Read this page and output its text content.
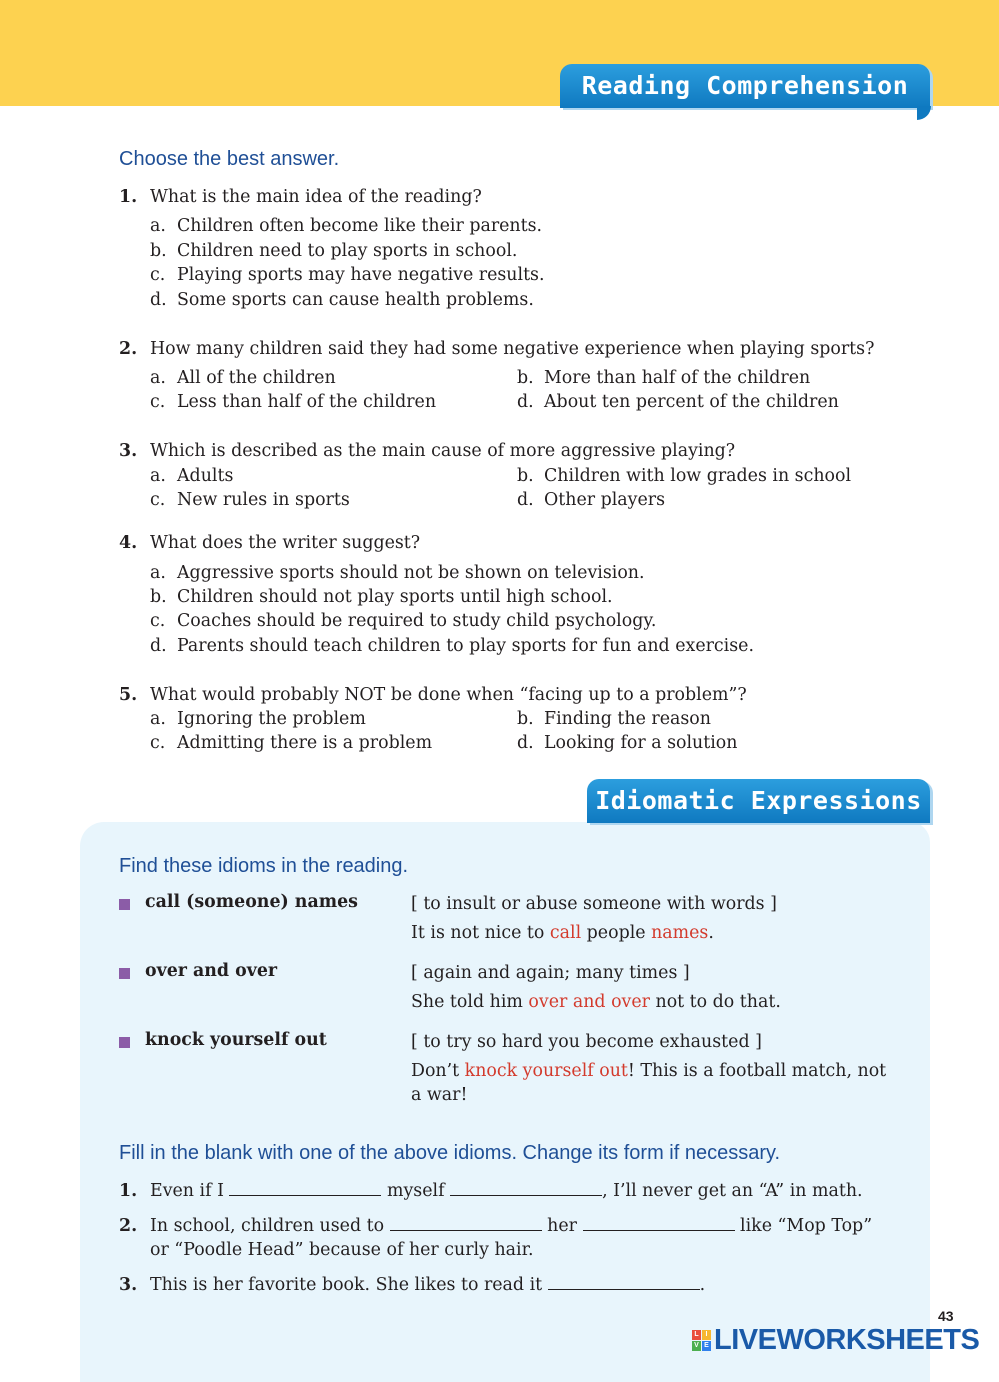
Reading Comprehension
Choose the best answer.
1. What is the main idea of the reading?
a. Children often become like their parents.
b. Children need to play sports in school.
c. Playing sports may have negative results.
d. Some sports can cause health problems.
2. How many children said they had some negative experience when playing sports?
a. All of the children	b. More than half of the children
c. Less than half of the children	d. About ten percent of the children
3. Which is described as the main cause of more aggressive playing?
a. Adults	b. Children with low grades in school
c. New rules in sports	d. Other players
4. What does the writer suggest?
a. Aggressive sports should not be shown on television.
b. Children should not play sports until high school.
c. Coaches should be required to study child psychology.
d. Parents should teach children to play sports for fun and exercise.
5. What would probably NOT be done when “facing up to a problem”?
a. Ignoring the problem	b. Finding the reason
c. Admitting there is a problem	d. Looking for a solution
Idiomatic Expressions
Find these idioms in the reading.
call (someone) names	[ to insult or abuse someone with words ]
It is not nice to call people names.
over and over	[ again and again; many times ]
She told him over and over not to do that.
knock yourself out	[ to try so hard you become exhausted ]
Don’t knock yourself out! This is a football match, not a war!
Fill in the blank with one of the above idioms. Change its form if necessary.
1. Even if I	myself	, I’ll never get an “A” in math.
2. In school, children used to	her	like “Mop Top”
or “Poodle Head” because of her curly hair.
3. This is her favorite book. She likes to read it	.
43
L I
V E LIVEWORKSHEETS
